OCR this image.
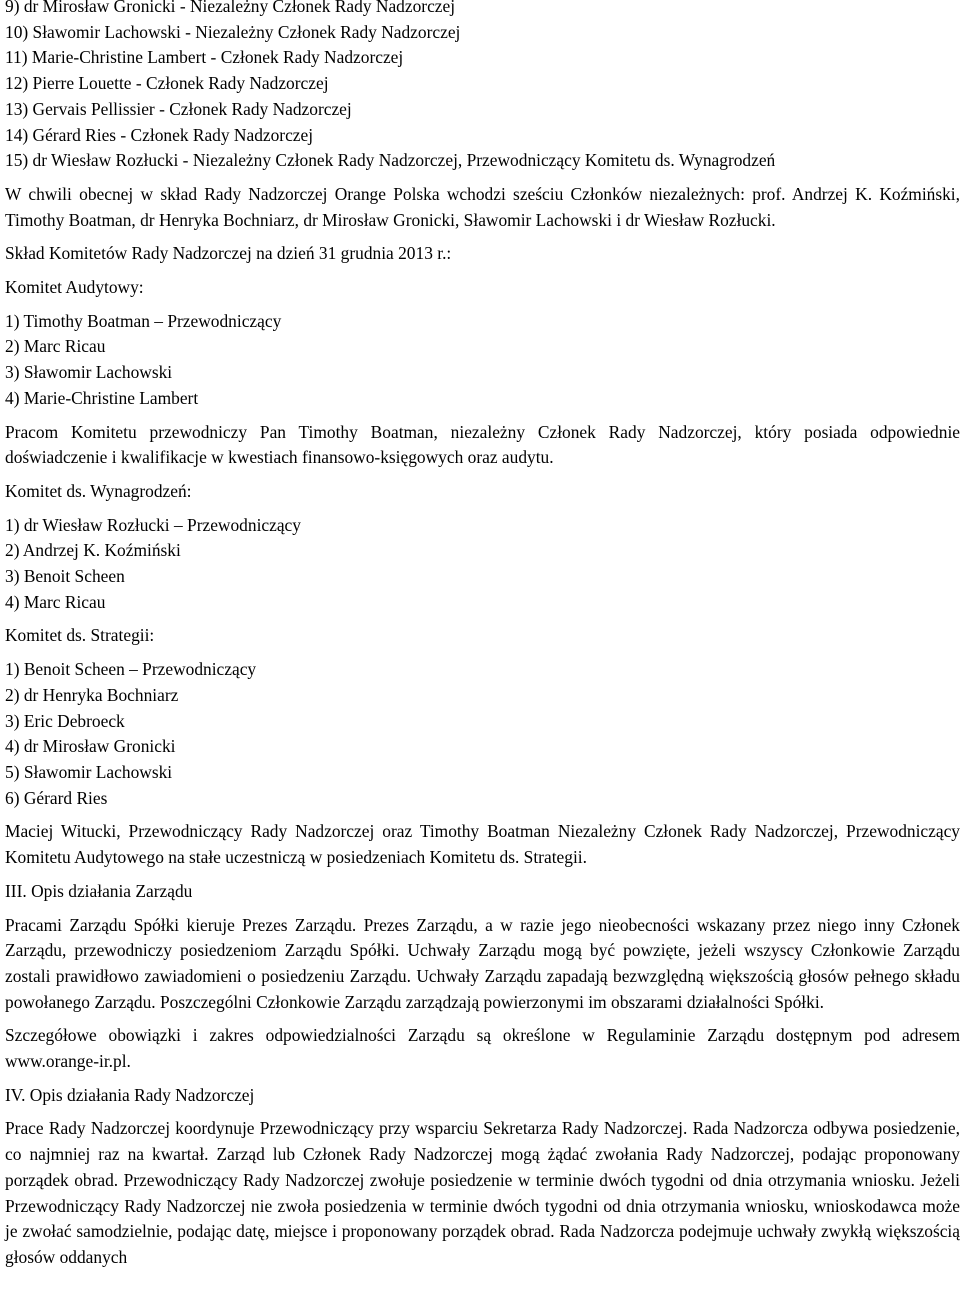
9) dr Mirosław Gronicki - Niezależny Członek Rady Nadzorczej

10) Sławomir Lachowski - Niezależny Członek Rady Nadzorczej

11) Marie-Christine Lambert - Członek Rady Nadzorczej

12) Pierre Louette - Członek Rady Nadzorczej

13) Gervais Pellissier - Członek Rady Nadzorczej

14) Gérard Ries - Członek Rady Nadzorczej

15) dr Wiesław Rozłucki - Niezależny Członek Rady Nadzorczej, Przewodniczący Komitetu ds. Wynagrodzeń

W chwili obecnej w skład Rady Nadzorczej Orange Polska wchodzi sześciu Członków niezależnych: prof. Andrzej K. Koźmiński, Timothy Boatman, dr Henryka Bochniarz, dr Mirosław Gronicki, Sławomir Lachowski i dr Wiesław Rozłucki.

Skład Komitetów Rady Nadzorczej na dzień 31 grudnia 2013 r.:

Komitet Audytowy:

1) Timothy Boatman – Przewodniczący

2) Marc Ricau

3) Sławomir Lachowski

4) Marie-Christine Lambert

Pracom Komitetu przewodniczy Pan Timothy Boatman, niezależny Członek Rady Nadzorczej, który posiada odpowiednie doświadczenie i kwalifikacje w kwestiach finansowo-księgowych oraz audytu.

Komitet ds. Wynagrodzeń:

1) dr Wiesław Rozłucki – Przewodniczący

2) Andrzej K. Koźmiński

3) Benoit Scheen

4) Marc Ricau

Komitet ds. Strategii:

1) Benoit Scheen – Przewodniczący

2) dr Henryka Bochniarz

3) Eric Debroeck

4) dr Mirosław Gronicki

5) Sławomir Lachowski

6) Gérard Ries

Maciej Witucki, Przewodniczący Rady Nadzorczej oraz Timothy Boatman Niezależny Członek Rady Nadzorczej, Przewodniczący Komitetu Audytowego na stałe uczestniczą w posiedzeniach Komitetu ds. Strategii.

III. Opis działania Zarządu

Pracami Zarządu Spółki kieruje Prezes Zarządu. Prezes Zarządu, a w razie jego nieobecności wskazany przez niego inny Członek Zarządu, przewodniczy posiedzeniom Zarządu Spółki. Uchwały Zarządu mogą być powzięte, jeżeli wszyscy Członkowie Zarządu zostali prawidłowo zawiadomieni o posiedzeniu Zarządu. Uchwały Zarządu zapadają bezwzględną większością głosów pełnego składu powołanego Zarządu. Poszczególni Członkowie Zarządu zarządzają powierzonymi im obszarami działalności Spółki.

Szczegółowe obowiązki i zakres odpowiedzialności Zarządu są określone w Regulaminie Zarządu dostępnym pod adresem www.orange-ir.pl.

IV. Opis działania Rady Nadzorczej

Prace Rady Nadzorczej koordynuje Przewodniczący przy wsparciu Sekretarza Rady Nadzorczej. Rada Nadzorcza odbywa posiedzenie, co najmniej raz na kwartał. Zarząd lub Członek Rady Nadzorczej mogą żądać zwołania Rady Nadzorczej, podając proponowany porządek obrad. Przewodniczący Rady Nadzorczej zwołuje posiedzenie w terminie dwóch tygodni od dnia otrzymania wniosku. Jeżeli Przewodniczący Rady Nadzorczej nie zwoła posiedzenia w terminie dwóch tygodni od dnia otrzymania wniosku, wnioskodawca może je zwołać samodzielnie, podając datę, miejsce i proponowany porządek obrad. Rada Nadzorcza podejmuje uchwały zwykłą większością głosów oddanych
